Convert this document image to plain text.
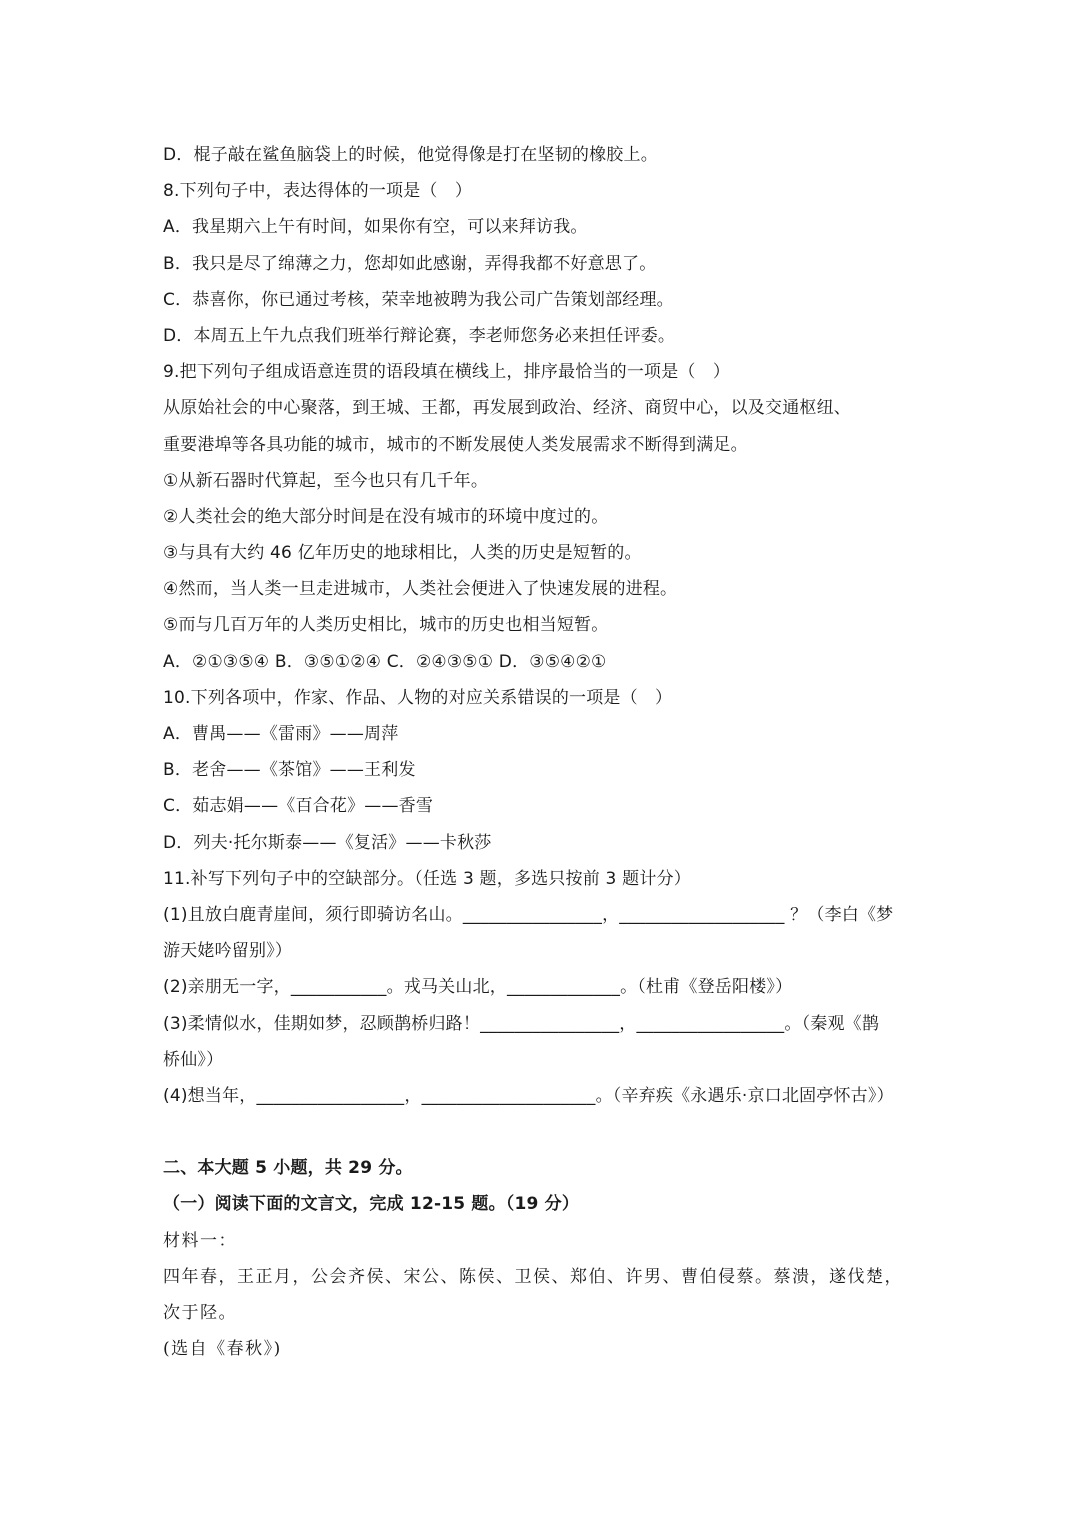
D．棍子敲在鲨鱼脑袋上的时候，他觉得像是打在坚韧的橡胶上。
8.下列句子中，表达得体的一项是（　）
A．我星期六上午有时间，如果你有空，可以来拜访我。
B．我只是尽了绵薄之力，您却如此感谢，弄得我都不好意思了。
C．恭喜你，你已通过考核，荣幸地被聘为我公司广告策划部经理。
D．本周五上午九点我们班举行辩论赛，李老师您务必来担任评委。
9.把下列句子组成语意连贯的语段填在横线上，排序最恰当的一项是（　）
从原始社会的中心聚落，到王城、王都，再发展到政治、经济、商贸中心，以及交通枢纽、
重要港埠等各具功能的城市，城市的不断发展使人类发展需求不断得到满足。
①从新石器时代算起，至今也只有几千年。
②人类社会的绝大部分时间是在没有城市的环境中度过的。
③与具有大约 46 亿年历史的地球相比，人类的历史是短暂的。
④然而，当人类一旦走进城市，人类社会便进入了快速发展的进程。
⑤而与几百万年的人类历史相比，城市的历史也相当短暂。
A．②①③⑤④ B．③⑤①②④ C．②④③⑤① D．③⑤④②①
10.下列各项中，作家、作品、人物的对应关系错误的一项是（　）
A．曹禺——《雷雨》——周萍
B．老舍——《茶馆》——王利发
C．茹志娟——《百合花》——香雪
D．列夫·托尔斯泰——《复活》——卡秋莎
11.补写下列句子中的空缺部分。（任选 3 题，多选只按前 3 题计分）
(1)且放白鹿青崖间，须行即骑访名山。________________，___________________ ？（李白《梦
游天姥吟留别》）
(2)亲朋无一字，___________。戎马关山北，_____________。（杜甫《登岳阳楼》）
(3)柔情似水，佳期如梦，忍顾鹊桥归路！________________，_________________。（秦观《鹊
桥仙》）
(4)想当年，_________________，____________________。（辛弃疾《永遇乐·京口北固亭怀古》）
二、本大题 5 小题，共 29 分。
（一）阅读下面的文言文，完成 12-15 题。（19 分）
材料一：
四年春，王正月，公会齐侯、宋公、陈侯、卫侯、郑伯、许男、曹伯侵蔡。蔡溃，遂伐楚，
次于陉。
(选自《春秋》)
